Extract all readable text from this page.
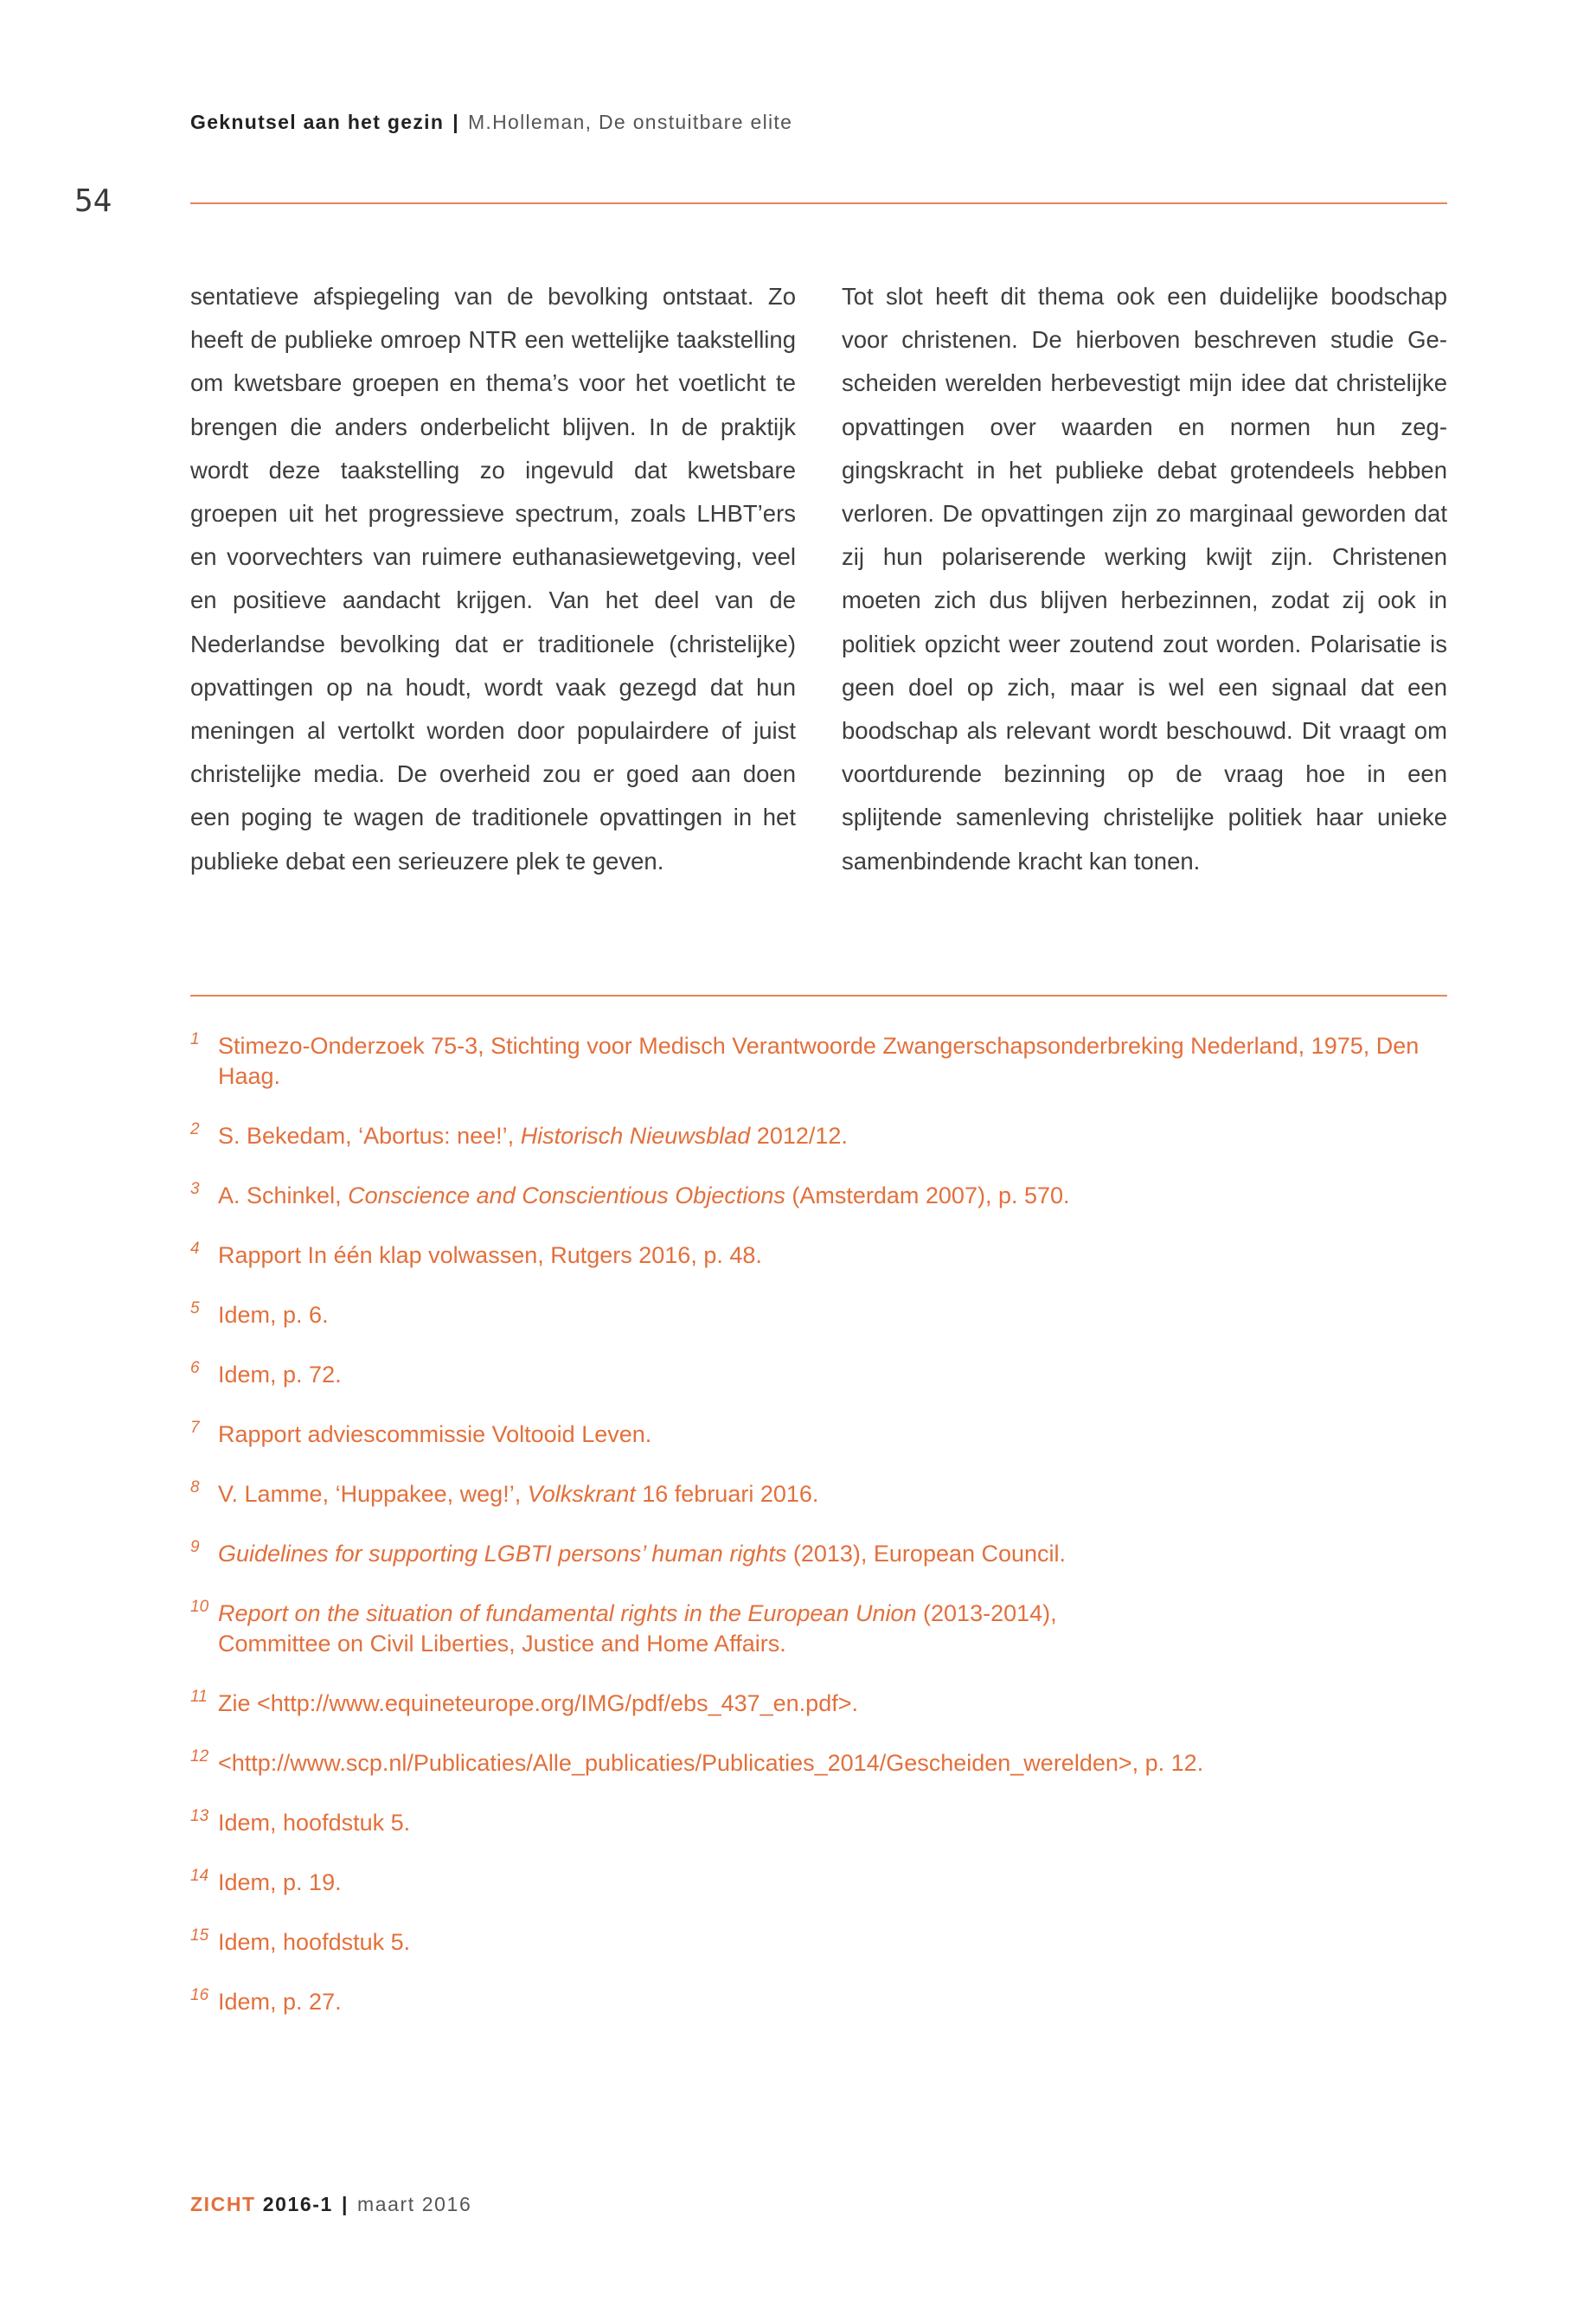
Geknutsel aan het gezin | M.Holleman, De onstuitbare elite
54

sentatieve afspiegeling van de bevolking ontstaat. Zo heeft de publieke omroep NTR een wettelijke taakstelling om kwetsbare groepen en thema’s voor het voetlicht te brengen die anders onderbelicht blijven. In de praktijk wordt deze taakstelling zo ingevuld dat kwetsbare groepen uit het progressieve spectrum, zoals LHBT’ers en voorvechters van ruimere euthanasiewetgeving, veel en positieve aandacht krijgen. Van het deel van de Nederlandse bevolking dat er traditionele (christelijke) opvattingen op na houdt, wordt vaak gezegd dat hun meningen al vertolkt worden door populairdere of juist christelijke media. De overheid zou er goed aan doen een poging te wagen de traditionele opvattingen in het publieke debat een serieuzere plek te geven.

Tot slot heeft dit thema ook een duidelijke boodschap voor christenen. De hierboven beschreven studie Gescheiden werelden herbevestigt mijn idee dat christelijke opvattingen over waarden en normen hun zeggingskracht in het publieke debat grotendeels hebben verloren. De opvattingen zijn zo marginaal geworden dat zij hun polariserende werking kwijt zijn. Christenen moeten zich dus blijven herbezinnen, zodat zij ook in politiek opzicht weer zoutend zout worden. Polarisatie is geen doel op zich, maar is wel een signaal dat een boodschap als relevant wordt beschouwd. Dit vraagt om voortdurende bezinning op de vraag hoe in een splijtende samenleving christelijke politiek haar unieke samenbindende kracht kan tonen.

1 Stimezo-Onderzoek 75-3, Stichting voor Medisch Verantwoorde Zwangerschapsonderbreking Nederland, 1975, Den Haag.
2 S. Bekedam, ‘Abortus: nee!’, Historisch Nieuwsblad 2012/12.
3 A. Schinkel, Conscience and Conscientious Objections (Amsterdam 2007), p. 570.
4 Rapport In één klap volwassen, Rutgers 2016, p. 48.
5 Idem, p. 6.
6 Idem, p. 72.
7 Rapport adviescommissie Voltooid Leven.
8 V. Lamme, ‘Huppakee, weg!’, Volkskrant 16 februari 2016.
9 Guidelines for supporting LGBTI persons’ human rights (2013), European Council.
10 Report on the situation of fundamental rights in the European Union (2013-2014),
Committee on Civil Liberties, Justice and Home Affairs.
11 Zie <http://www.equineteurope.org/IMG/pdf/ebs_437_en.pdf>.
12 <http://www.scp.nl/Publicaties/Alle_publicaties/Publicaties_2014/Gescheiden_werelden>, p. 12.
13 Idem, hoofdstuk 5.
14 Idem, p. 19.
15 Idem, hoofdstuk 5.
16 Idem, p. 27.
ZICHT 2016-1 | maart 2016
